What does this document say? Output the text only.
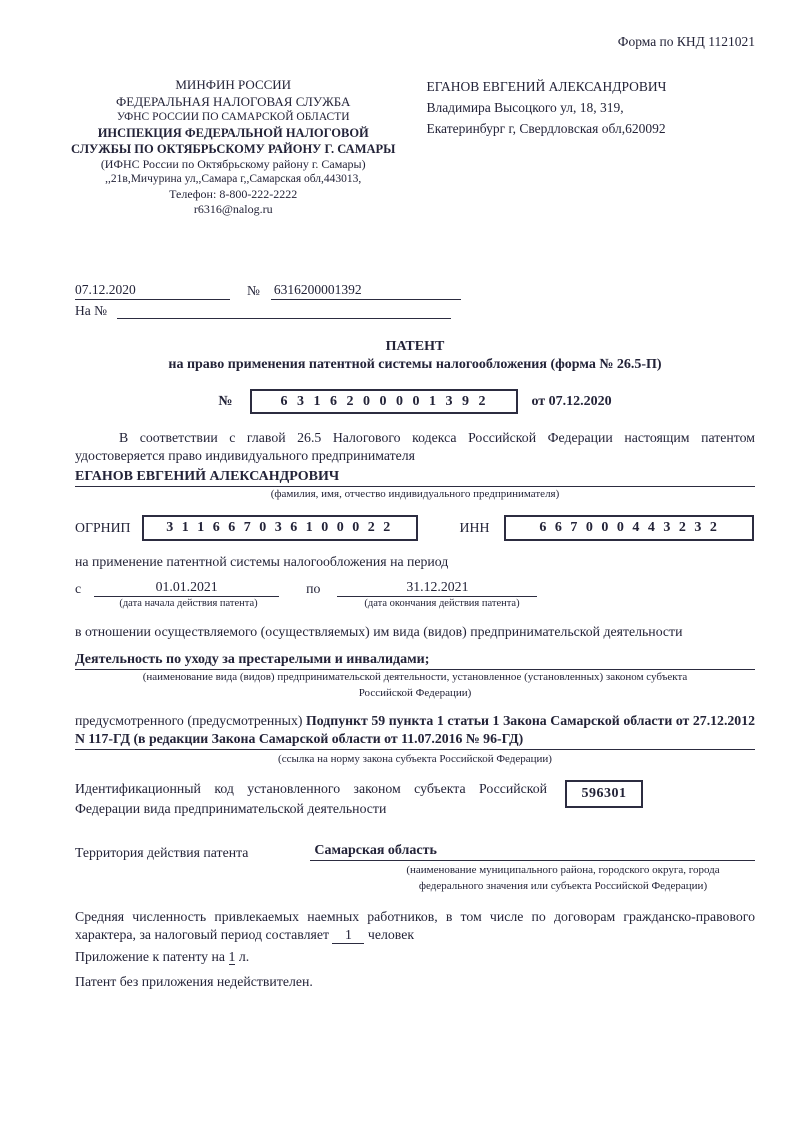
Форма по КНД 1121021
МИНФИН РОССИИ
ФЕДЕРАЛЬНАЯ НАЛОГОВАЯ СЛУЖБА
УФНС РОССИИ ПО САМАРСКОЙ ОБЛАСТИ
ИНСПЕКЦИЯ ФЕДЕРАЛЬНОЙ НАЛОГОВОЙ
СЛУЖБЫ ПО ОКТЯБРЬСКОМУ РАЙОНУ Г. САМАРЫ
(ИФНС России по Октябрьскому району г. Самары)
,,21в,Мичурина ул,,Самара г,,Самарская обл,443013,
Телефон: 8-800-222-2222
r6316@nalog.ru
ЕГАНОВ ЕВГЕНИЙ АЛЕКСАНДРОВИЧ
Владимира Высоцкого ул, 18, 319,
Екатеринбург г, Свердловская обл,620092
07.12.2020	№ 6316200001392
На №
ПАТЕНТ
на право применения патентной системы налогообложения (форма № 26.5-П)
№	6 3 1 6 2 0 0 0 0 1 3 9 2	от 07.12.2020

В соответствии с главой 26.5 Налогового кодекса Российской Федерации настоящим патентом удостоверяется право индивидуального предпринимателя

ЕГАНОВ ЕВГЕНИЙ АЛЕКСАНДРОВИЧ
(фамилия, имя, отчество индивидуального предпринимателя)
ОГРНИП	3 1 1 6 6 7 0 3 6 1 0 0 0 2 2	ИНН	6 6 7 0 0 0 4 4 3 2 3 2
на применение патентной системы налогообложения на период
с	01.01.2021	по	31.12.2021
(дата начала действия патента)	(дата окончания действия патента)

в отношении осуществляемого (осуществляемых) им вида (видов) предпринимательской деятельности

Деятельность по уходу за престарелыми и инвалидами;
(наименование вида (видов) предпринимательской деятельности, установленное (установленных) законом субъекта
Российской Федерации)

предусмотренного (предусмотренных) Подпункт 59 пункта 1 статьи 1 Закона Самарской области от 27.12.2012 N 117-ГД (в редакции Закона Самарской области от 11.07.2016 № 96-ГД)

(ссылка на норму закона субъекта Российской Федерации)
Идентификационный код установленного законом субъекта Российской Федерации вида предпринимательской деятельности
596301
Территория действия патента	Самарская область
(наименование муниципального района, городского округа, города
федерального значения или субъекта Российской Федерации)

Средняя численность привлекаемых наемных работников, в том числе по договорам гражданско-правового характера, за налоговый период составляет 1 человек

Приложение к патенту на 1 л.
Патент без приложения недействителен.
